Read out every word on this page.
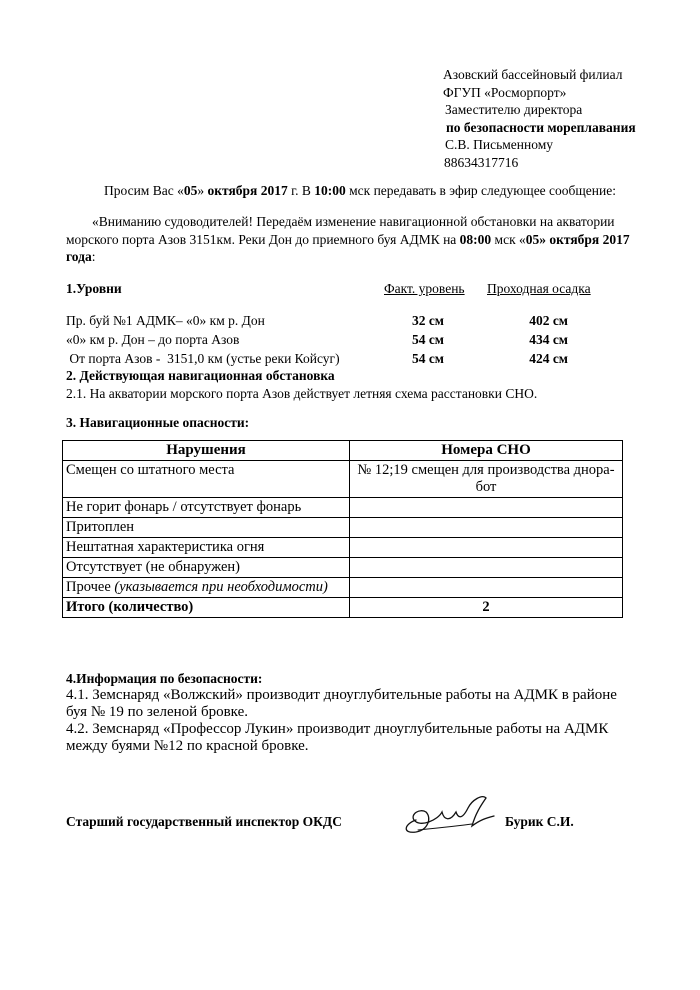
Азовский бассейновый филиал
ФГУП «Росморпорт»
Заместителю директора
по безопасности мореплавания
С.В. Письменному
88634317716
Просим Вас «05» октября 2017 г. В 10:00 мск передавать в эфир следующее сообщение:
«Вниманию судоводителей! Передаём изменение навигационной обстановки на акватории морского порта Азов 3151км. Реки Дон до приемного буя АДМК на 08:00 мск «05» октября 2017 года:
1.Уровни	Факт. уровень Проходная осадка
Пр. буй №1 АДМК– «0» км р. Дон	32 см	402 см
«0» км р. Дон – до порта Азов	54 см	434 см
От порта Азов -  3151,0 км (устье реки Койсуг)	54 см	424 см
2. Действующая навигационная обстановка
2.1. На акватории морского порта Азов действует летняя схема расстановки СНО.
3. Навигационные опасности:
Нарушения	Номера СНО
Смещен со штатного места	№ 12;19 смещен для производства дноработ
Не горит фонарь / отсутствует фонарь	
Притоплен	
Нештатная характеристика огня	
Отсутствует (не обнаружен)	
Прочее (указывается при необходимости)	
Итого (количество)	2
4.Информация по безопасности:
4.1. Земснаряд «Волжский» производит дноуглубительные работы на АДМК в районе буя № 19 по зеленой бровке.
4.2. Земснаряд «Профессор Лукин» производит дноуглубительные работы на АДМК между буями №12 по красной бровке.
Старший государственный инспектор ОКДС	Бурик С.И.
